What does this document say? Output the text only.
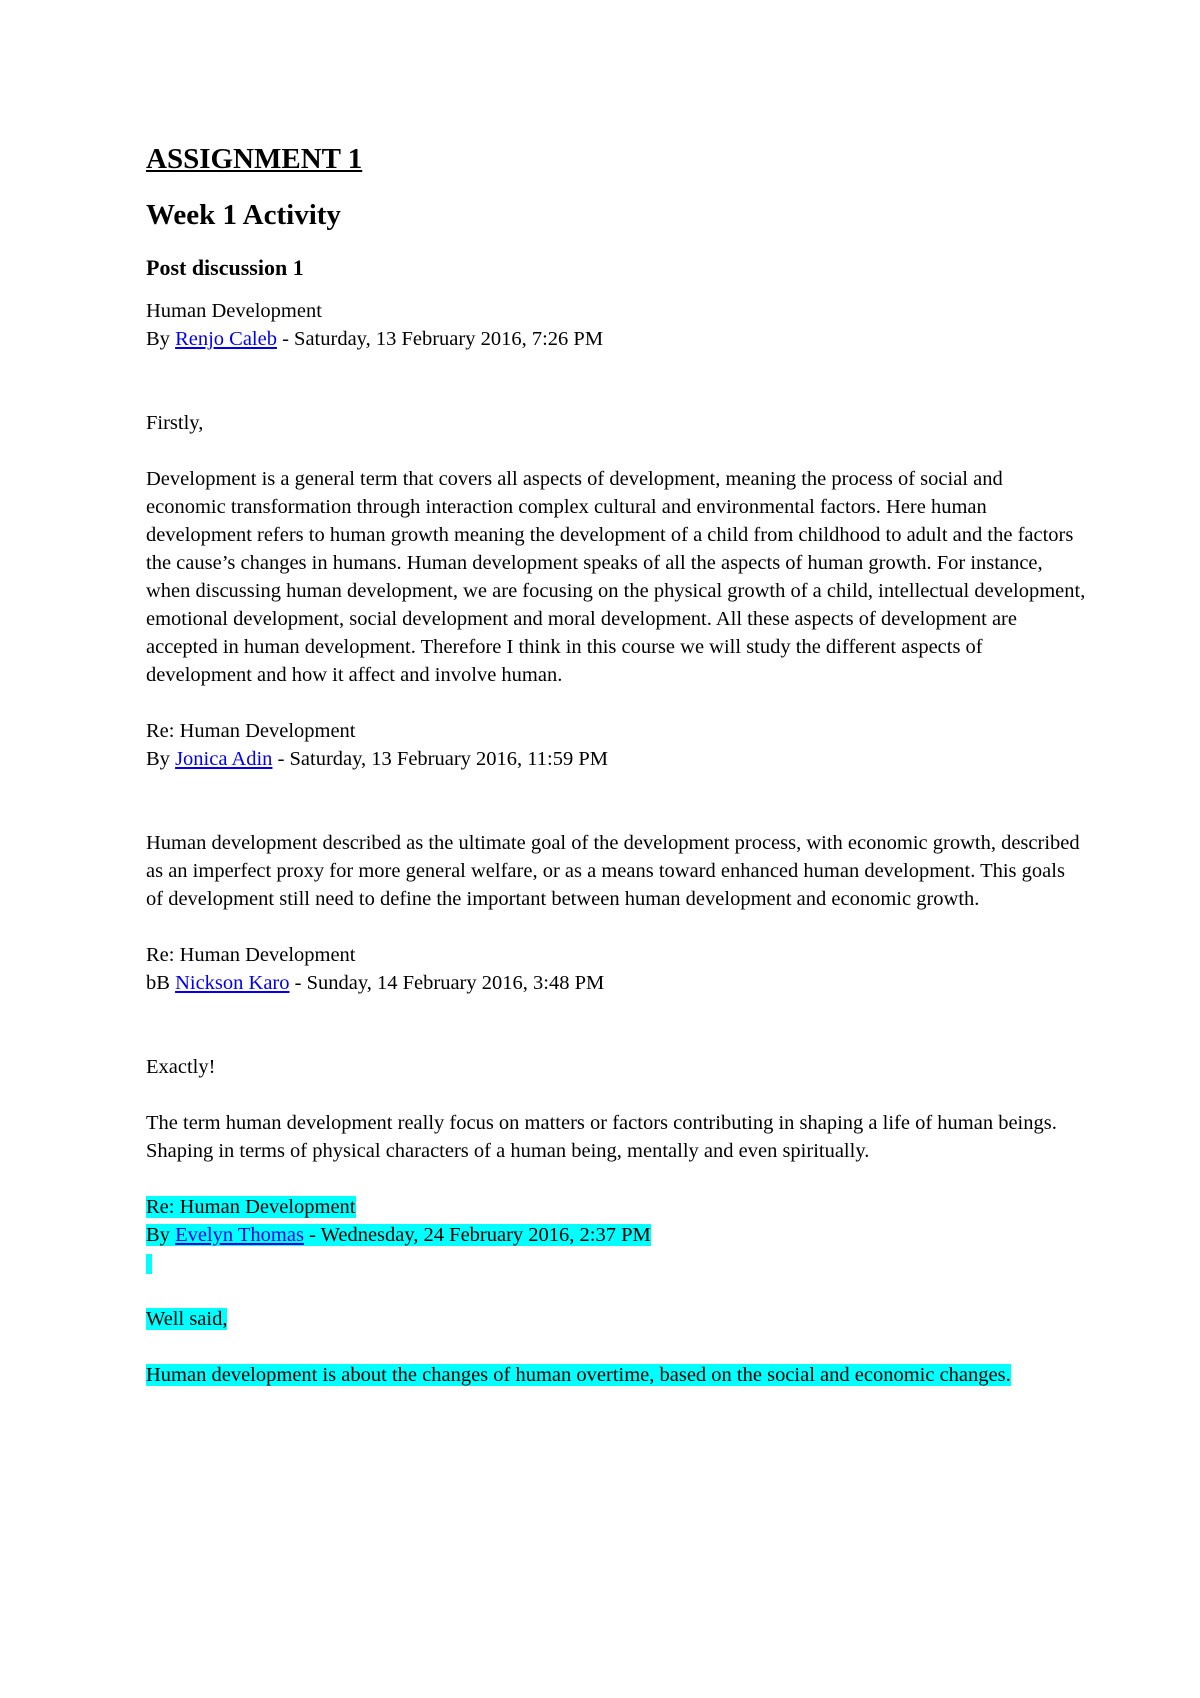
ASSIGNMENT 1
Week 1 Activity
Post discussion 1

Human Development

By Renjo Caleb - Saturday, 13 February 2016, 7:26 PM

Firstly,

Development is a general term that covers all aspects of development, meaning the process of social and economic transformation through interaction complex cultural and environmental factors. Here human development refers to human growth meaning the development of a child from childhood to adult and the factors the cause’s changes in humans. Human development speaks of all the aspects of human growth. For instance, when discussing human development, we are focusing on the physical growth of a child, intellectual development, emotional development, social development and moral development. All these aspects of development are accepted in human development. Therefore I think in this course we will study the different aspects of development and how it affect and involve human.

Re: Human Development

By Jonica Adin - Saturday, 13 February 2016, 11:59 PM

Human development described as the ultimate goal of the development process, with economic growth, described as an imperfect proxy for more general welfare, or as a means toward enhanced human development. This goals of development still need to define the important between human development and economic growth.

Re: Human Development

bB Nickson Karo - Sunday, 14 February 2016, 3:48 PM

Exactly!

The term human development really focus on matters or factors contributing in shaping a life of human beings. Shaping in terms of physical characters of a human being, mentally and even spiritually.

Re: Human Development

By Evelyn Thomas - Wednesday, 24 February 2016, 2:37 PM

Well said,

Human development is about the changes of human overtime, based on the social and economic changes.
